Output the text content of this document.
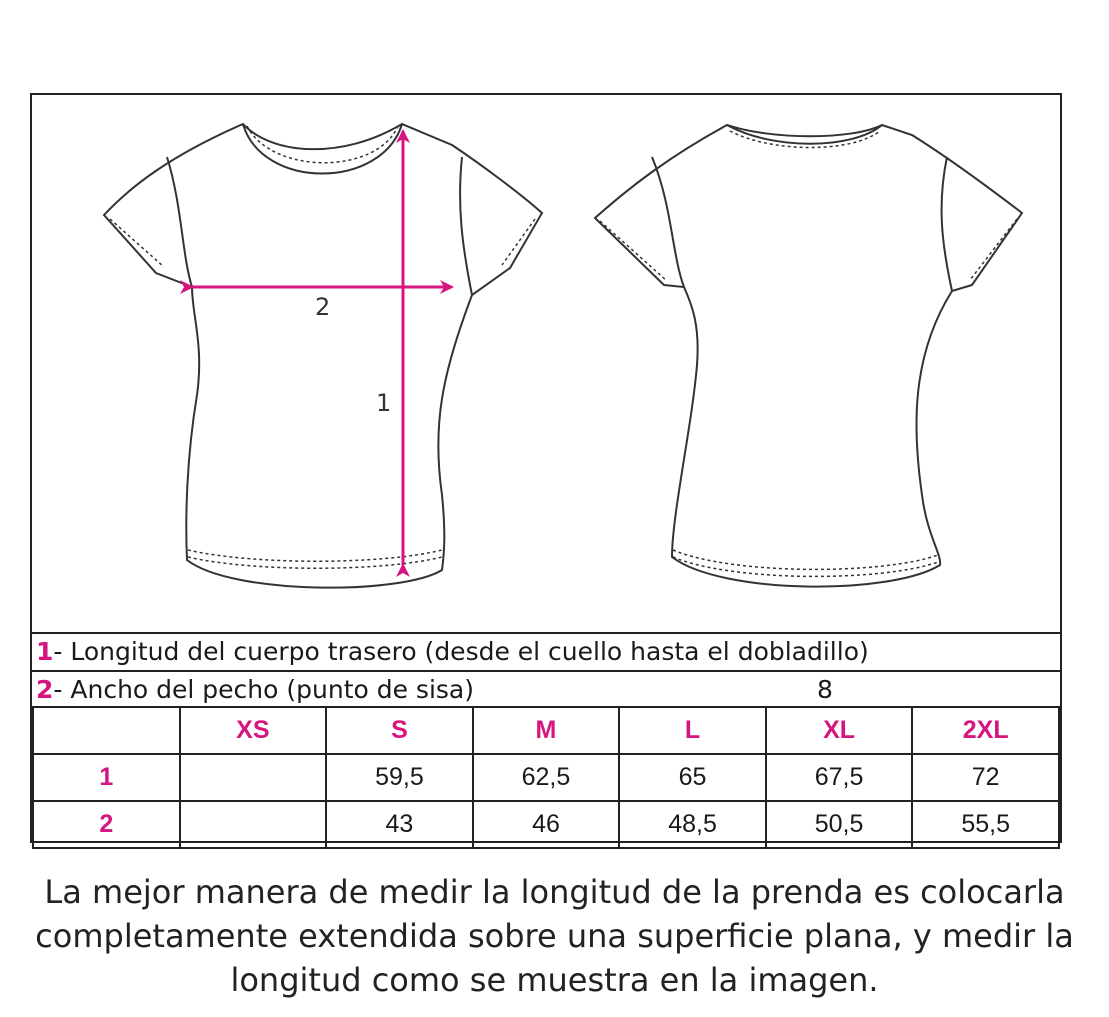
2
1
1- Longitud del cuerpo trasero (desde el cuello hasta el dobladillo)
2- Ancho del pecho (punto de sisa)	8
	XS	S	M	L	XL	2XL
1		59,5	62,5	65	67,5	72
2		43	46	48,5	50,5	55,5
La mejor manera de medir la longitud de la prenda es colocarla
completamente extendida sobre una superficie plana, y medir la
longitud como se muestra en la imagen.
